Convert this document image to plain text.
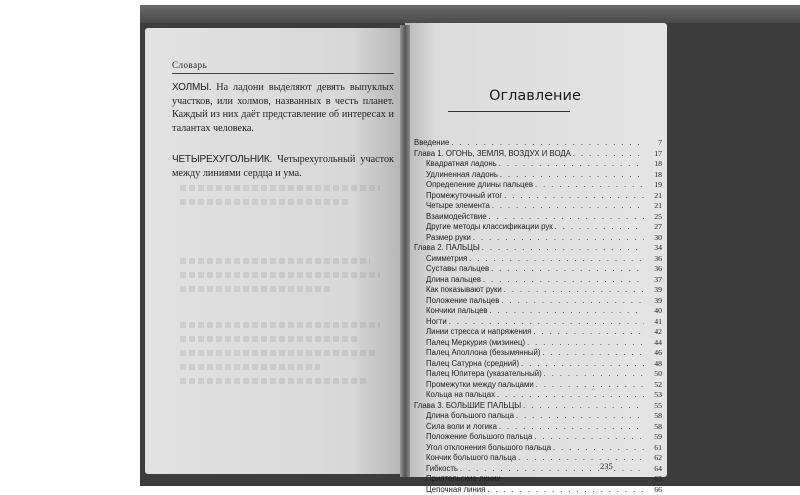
Словарь
ХОЛМЫ. На ладони выделяют девять выпуклых участков, или холмов, названных в честь планет. Каждый из них даёт представление об интересах и талантах человека.
ЧЕТЫРЕХУГОЛЬНИК. Четырехугольный участок между линиями сердца и ума.
Оглавление
Введение . . .	7
Глава 1. ОГОНЬ, ЗЕМЛЯ, ВОЗДУХ И ВОДА . . .	17
Квадратная ладонь . . .	18
Удлиненная ладонь . . .	18
Определение длины пальцев . . .	19
Промежуточный итог . . .	21
Четыре элемента . . .	21
Взаимодействие . . .	25
Другие методы классификации рук . . .	27
Размер руки . . .	30
Глава 2. ПАЛЬЦЫ . . .	34
Симметрия . . .	36
Суставы пальцев . . .	36
Длина пальцев . . .	37
Как показывают руки . . .	39
Положение пальцев . . .	39
Кончики пальцев . . .	40
Ногти . . .	41
Линии стресса и напряжения . . .	42
Палец Меркурия (мизинец) . . .	44
Палец Аполлона (безымянный) . . .	46
Палец Сатурна (средний) . . .	48
Палец Юпитера (указательный) . . .	50
Промежутки между пальцами . . .	52
Кольца на пальцах . . .	53
Глава 3. БОЛЬШИЕ ПАЛЬЦЫ . . .	55
Длина большого пальца . . .	58
Сила воли и логика . . .	58
Положение большого пальца . . .	59
Угол отклонения большого пальца . . .	61
Кончик большого пальца . . .	62
Гибкость . . .	64
Приятельские линии . . .	65
Цепочная линия . . .	66
235
